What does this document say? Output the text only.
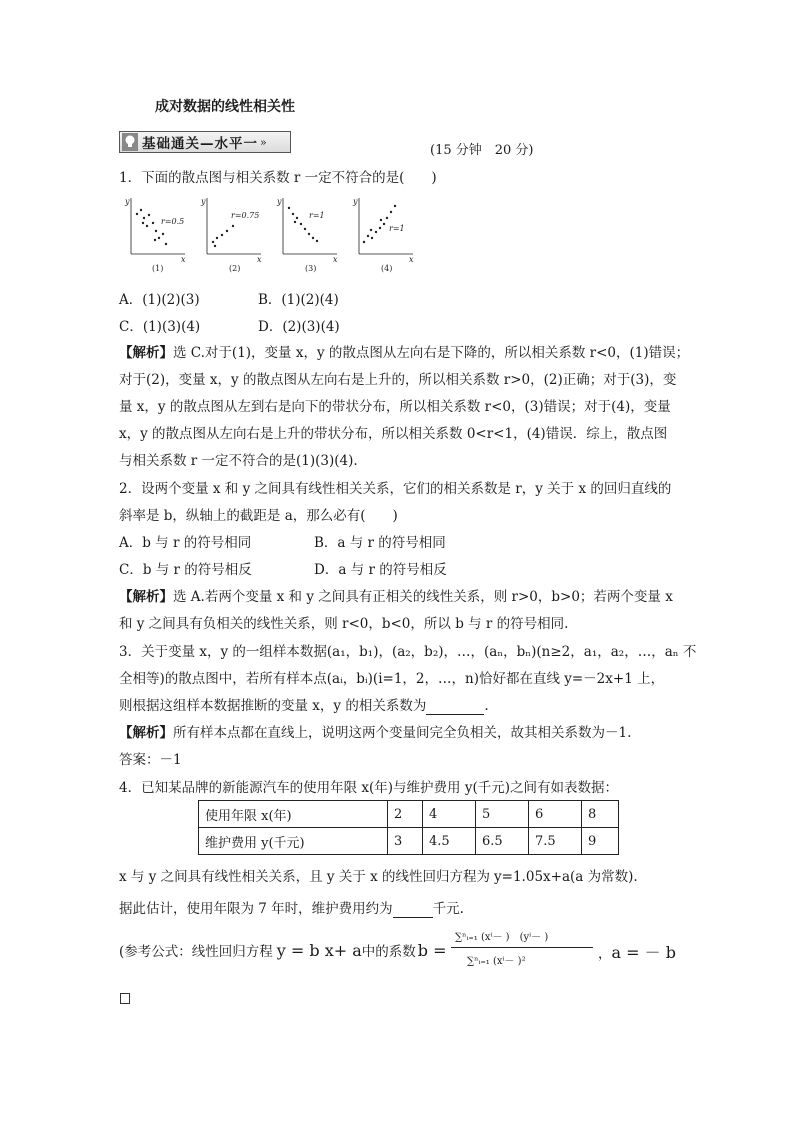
成对数据的线性相关性
基础通关—水平一 »
(15 分钟　20 分)
1．下面的散点图与相关系数 r 一定不符合的是(　　)
y
x
r=0.5
(1)
y
x
r=0.75
(2)
y
x
r=1
(3)
y
x
r=1
(4)
A．(1)(2)(3)	B．(1)(2)(4)
C．(1)(3)(4)	D．(2)(3)(4)
【解析】选 C.对于(1)，变量 x，y 的散点图从左向右是下降的，所以相关系数 r<0，(1)错误；
对于(2)，变量 x，y 的散点图从左向右是上升的，所以相关系数 r>0，(2)正确；对于(3)，变
量 x，y 的散点图从左到右是向下的带状分布，所以相关系数 r<0，(3)错误；对于(4)，变量
x，y 的散点图从左向右是上升的带状分布，所以相关系数 0<r<1，(4)错误．综上，散点图
与相关系数 r 一定不符合的是(1)(3)(4).
2．设两个变量 x 和 y 之间具有线性相关关系，它们的相关系数是 r，y 关于 x 的回归直线的
斜率是 b，纵轴上的截距是 a，那么必有(　　)
A．b 与 r 的符号相同	B．a 与 r 的符号相同
C．b 与 r 的符号相反	D．a 与 r 的符号相反
【解析】选 A.若两个变量 x 和 y 之间具有正相关的线性关系，则 r>0，b>0；若两个变量 x
和 y 之间具有负相关的线性关系，则 r<0，b<0，所以 b 与 r 的符号相同.
3．关于变量 x，y 的一组样本数据(a₁，b₁)，(a₂，b₂)，…，(aₙ，bₙ)(n≥2，a₁，a₂，…，aₙ 不
全相等)的散点图中，若所有样本点(aᵢ，bᵢ)(i=1，2，…，n)恰好都在直线 y=－2x+1 上，
则根据这组样本数据推断的变量 x，y 的相关系数为	.
【解析】所有样本点都在直线上，说明这两个变量间完全负相关，故其相关系数为－1.
答案：－1
4．已知某品牌的新能源汽车的使用年限 x(年)与维护费用 y(千元)之间有如表数据：
使用年限 x(年)	2	4	5	6	8
维护费用 y(千元)	3	4.5	6.5	7.5	9
x 与 y 之间具有线性相关关系，且 y 关于 x 的线性回归方程为 y=1.05x+a(a 为常数).
据此估计，使用年限为 7 年时，维护费用约为	千元.
(参考公式：线性回归方程 y = b x+ a中的系数 b =
∑ⁿᵢ₌₁ (xⁱ－ )　(yⁱ－ )
∑ⁿᵢ₌₁ (xⁱ－ )²	，a = － b
